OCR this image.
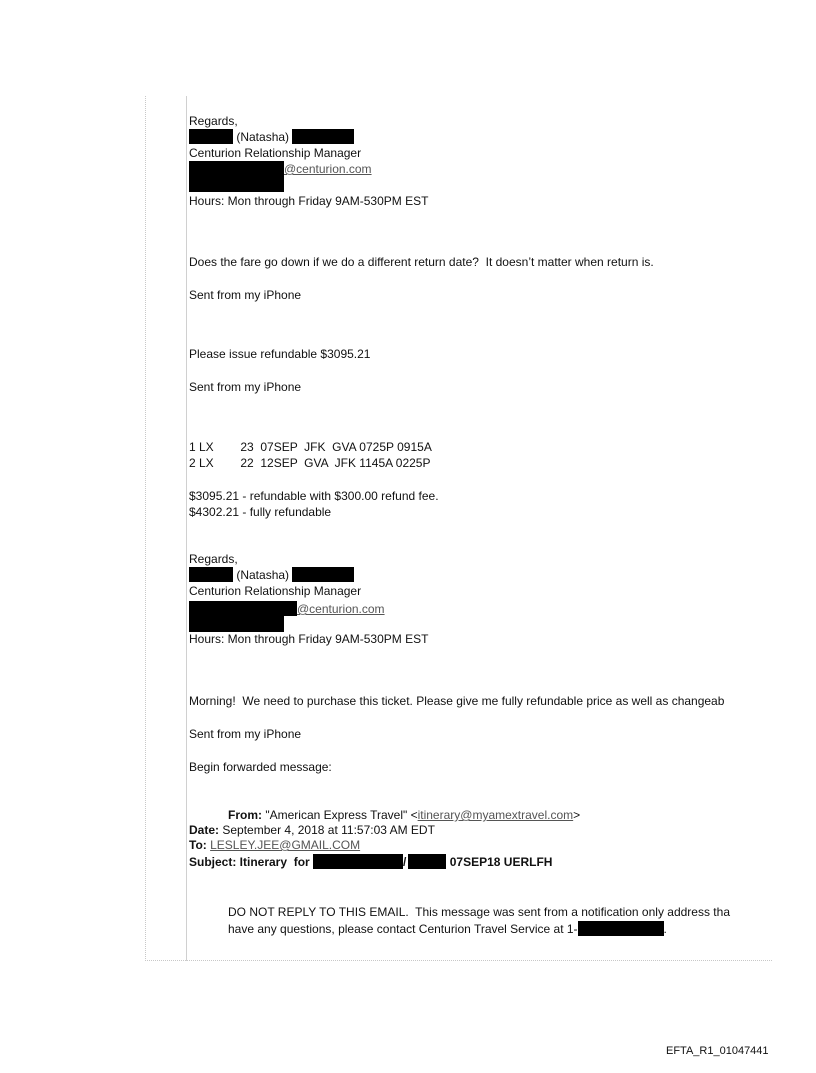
Regards,
(Natasha)
Centurion Relationship Manager
@centurion.com
Hours: Mon through Friday 9AM-530PM EST
Does the fare go down if we do a different return date?  It doesn’t matter when return is.
Sent from my iPhone
Please issue refundable $3095.21
Sent from my iPhone
1 LX        23  07SEP  JFK  GVA 0725P 0915A
2 LX        22  12SEP  GVA  JFK 1145A 0225P
$3095.21 - refundable with $300.00 refund fee.
$4302.21 - fully refundable
Regards,
(Natasha)
Centurion Relationship Manager
@centurion.com
Hours: Mon through Friday 9AM-530PM EST
Morning!  We need to purchase this ticket. Please give me fully refundable price as well as changeab
Sent from my iPhone
Begin forwarded message:
From: "American Express Travel" <itinerary@myamextravel.com>
Date: September 4, 2018 at 11:57:03 AM EDT
To: LESLEY.JEE@GMAIL.COM
Subject: Itinerary  for	/	07SEP18 UERLFH
DO NOT REPLY TO THIS EMAIL.  This message was sent from a notification only address tha
have any questions, please contact Centurion Travel Service at 1-	.
EFTA_R1_01047441
